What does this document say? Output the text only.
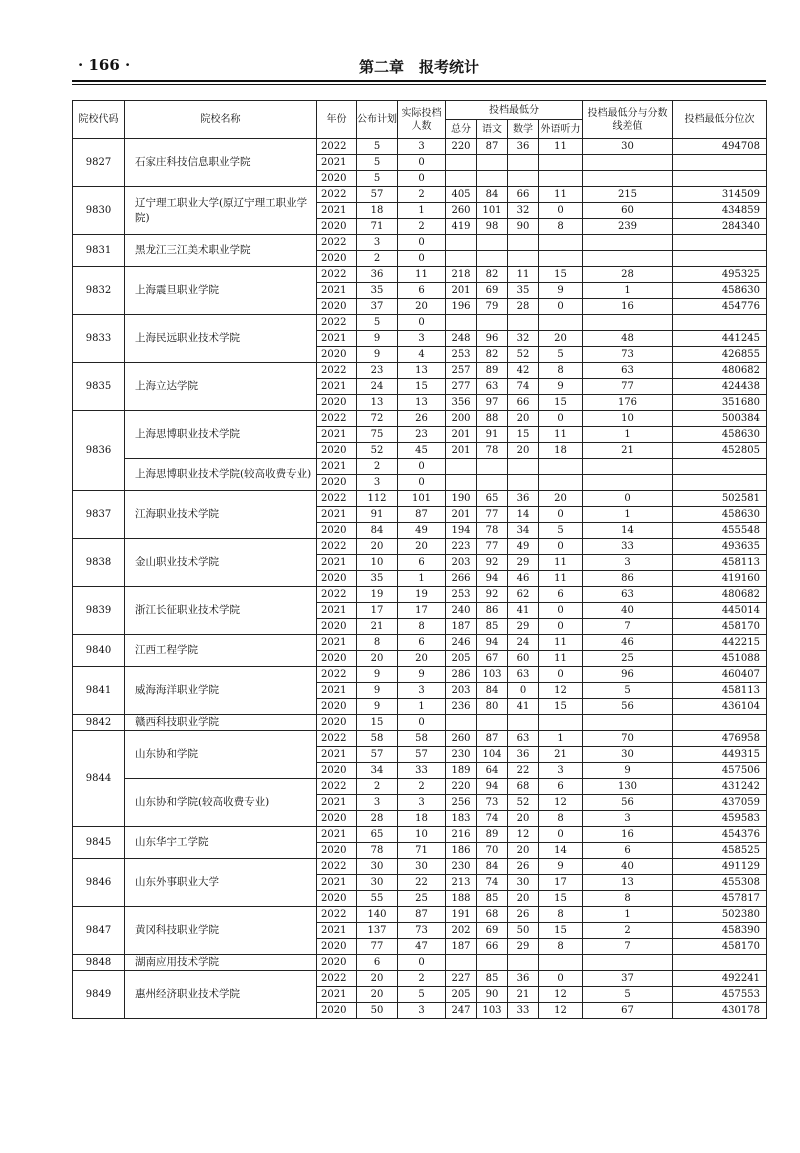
· 166 ·	第二章　报考统计
院校代码	院校名称	年份	公布计划	实际投档人数	投档最低分				投档最低分与分数线差值	投档最低分位次
					总分	语文	数学	外语听力		
9827	石家庄科技信息职业学院	2022	5	3	220	87	36	11	30	494708
		2021	5	0						
		2020	5	0						
9830	辽宁理工职业大学(原辽宁理工职业学院)	2022	57	2	405	84	66	11	215	314509
		2021	18	1	260	101	32	0	60	434859
		2020	71	2	419	98	90	8	239	284340
9831	黑龙江三江美术职业学院	2022	3	0						
		2020	2	0						
9832	上海震旦职业学院	2022	36	11	218	82	11	15	28	495325
		2021	35	6	201	69	35	9	1	458630
		2020	37	20	196	79	28	0	16	454776
9833	上海民远职业技术学院	2022	5	0						
		2021	9	3	248	96	32	20	48	441245
		2020	9	4	253	82	52	5	73	426855
9835	上海立达学院	2022	23	13	257	89	42	8	63	480682
		2021	24	15	277	63	74	9	77	424438
		2020	13	13	356	97	66	15	176	351680
9836	上海思博职业技术学院	2022	72	26	200	88	20	0	10	500384
		2021	75	23	201	91	15	11	1	458630
		2020	52	45	201	78	20	18	21	452805
	上海思博职业技术学院(较高收费专业)	2021	2	0						
		2020	3	0						
9837	江海职业技术学院	2022	112	101	190	65	36	20	0	502581
		2021	91	87	201	77	14	0	1	458630
		2020	84	49	194	78	34	5	14	455548
9838	金山职业技术学院	2022	20	20	223	77	49	0	33	493635
		2021	10	6	203	92	29	11	3	458113
		2020	35	1	266	94	46	11	86	419160
9839	浙江长征职业技术学院	2022	19	19	253	92	62	6	63	480682
		2021	17	17	240	86	41	0	40	445014
		2020	21	8	187	85	29	0	7	458170
9840	江西工程学院	2021	8	6	246	94	24	11	46	442215
		2020	20	20	205	67	60	11	25	451088
9841	威海海洋职业学院	2022	9	9	286	103	63	0	96	460407
		2021	9	3	203	84	0	12	5	458113
		2020	9	1	236	80	41	15	56	436104
9842	赣西科技职业学院	2020	15	0						
9844	山东协和学院	2022	58	58	260	87	63	1	70	476958
		2021	57	57	230	104	36	21	30	449315
		2020	34	33	189	64	22	3	9	457506
	山东协和学院(较高收费专业)	2022	2	2	220	94	68	6	130	431242
		2021	3	3	256	73	52	12	56	437059
		2020	28	18	183	74	20	8	3	459583
9845	山东华宇工学院	2021	65	10	216	89	12	0	16	454376
		2020	78	71	186	70	20	14	6	458525
9846	山东外事职业大学	2022	30	30	230	84	26	9	40	491129
		2021	30	22	213	74	30	17	13	455308
		2020	55	25	188	85	20	15	8	457817
9847	黄冈科技职业学院	2022	140	87	191	68	26	8	1	502380
		2021	137	73	202	69	50	15	2	458390
		2020	77	47	187	66	29	8	7	458170
9848	湖南应用技术学院	2020	6	0						
9849	惠州经济职业技术学院	2022	20	2	227	85	36	0	37	492241
		2021	20	5	205	90	21	12	5	457553
		2020	50	3	247	103	33	12	67	430178
